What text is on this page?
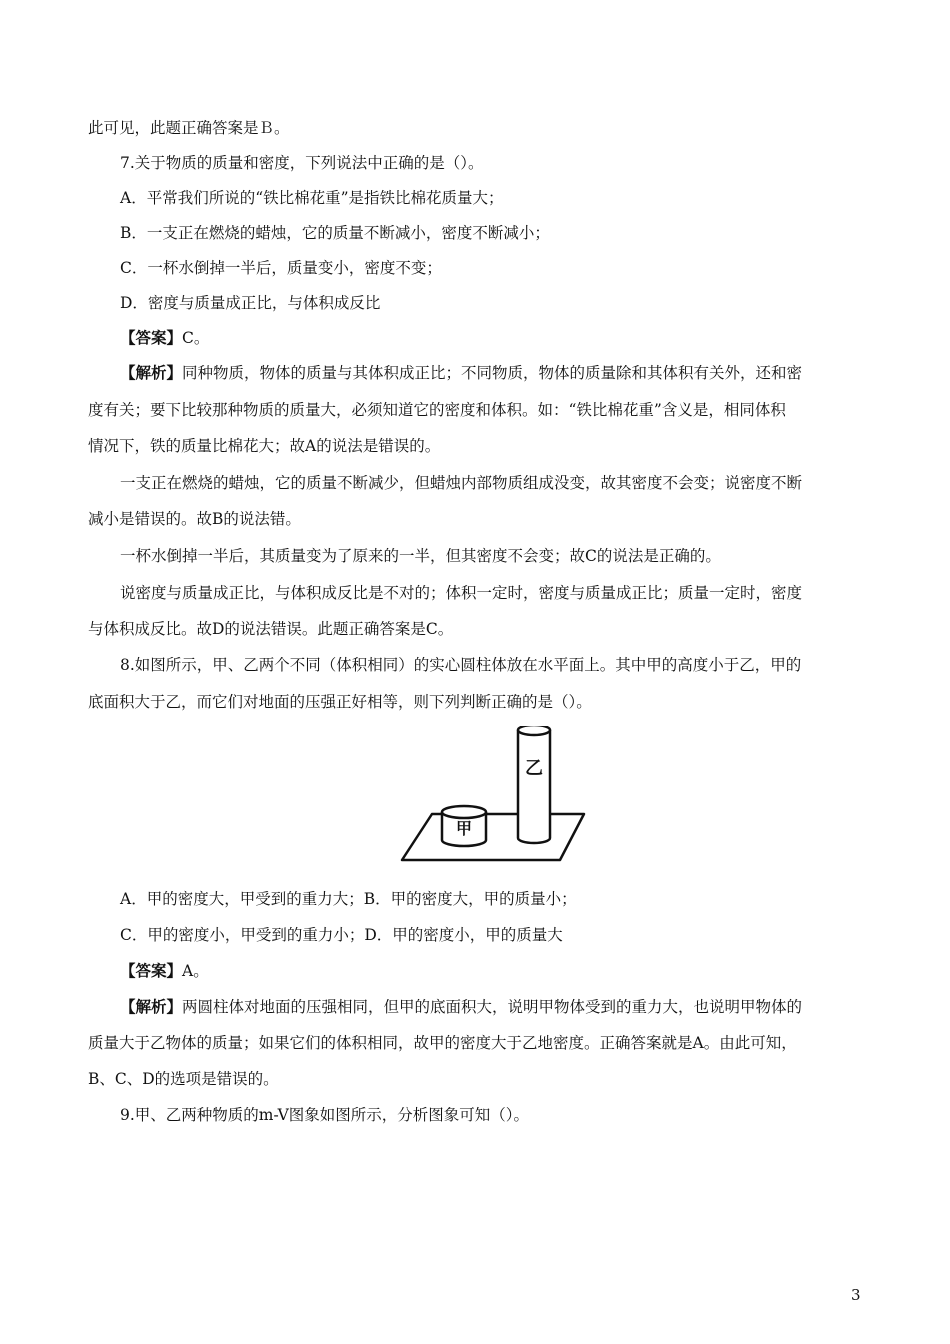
此可见，此题正确答案是Ｂ。
7.关于物质的质量和密度，下列说法中正确的是（）。
A．平常我们所说的“铁比棉花重”是指铁比棉花质量大；
B．一支正在燃烧的蜡烛，它的质量不断减小，密度不断减小；
C．一杯水倒掉一半后，质量变小，密度不变；
D．密度与质量成正比，与体积成反比
【答案】C。
【解析】同种物质，物体的质量与其体积成正比；不同物质，物体的质量除和其体积有关外，还和密
度有关；要下比较那种物质的质量大，必须知道它的密度和体积。如：“铁比棉花重”含义是，相同体积
情况下，铁的质量比棉花大；故A的说法是错误的。
一支正在燃烧的蜡烛，它的质量不断减少，但蜡烛内部物质组成没变，故其密度不会变；说密度不断
减小是错误的。故B的说法错。
一杯水倒掉一半后，其质量变为了原来的一半，但其密度不会变；故C的说法是正确的。
说密度与质量成正比，与体积成反比是不对的；体积一定时，密度与质量成正比；质量一定时，密度
与体积成反比。故D的说法错误。此题正确答案是C。
8.如图所示，甲、乙两个不同（体积相同）的实心圆柱体放在水平面上。其中甲的高度小于乙，甲的
底面积大于乙，而它们对地面的压强正好相等，则下列判断正确的是（）。
甲
乙
A．甲的密度大，甲受到的重力大；B．甲的密度大，甲的质量小；
C．甲的密度小，甲受到的重力小；D．甲的密度小，甲的质量大
【答案】A。
【解析】两圆柱体对地面的压强相同，但甲的底面积大，说明甲物体受到的重力大，也说明甲物体的
质量大于乙物体的质量；如果它们的体积相同，故甲的密度大于乙地密度。正确答案就是A。由此可知，
B、C、D的选项是错误的。
9.甲、乙两种物质的m-V图象如图所示，分析图象可知（）。
3
